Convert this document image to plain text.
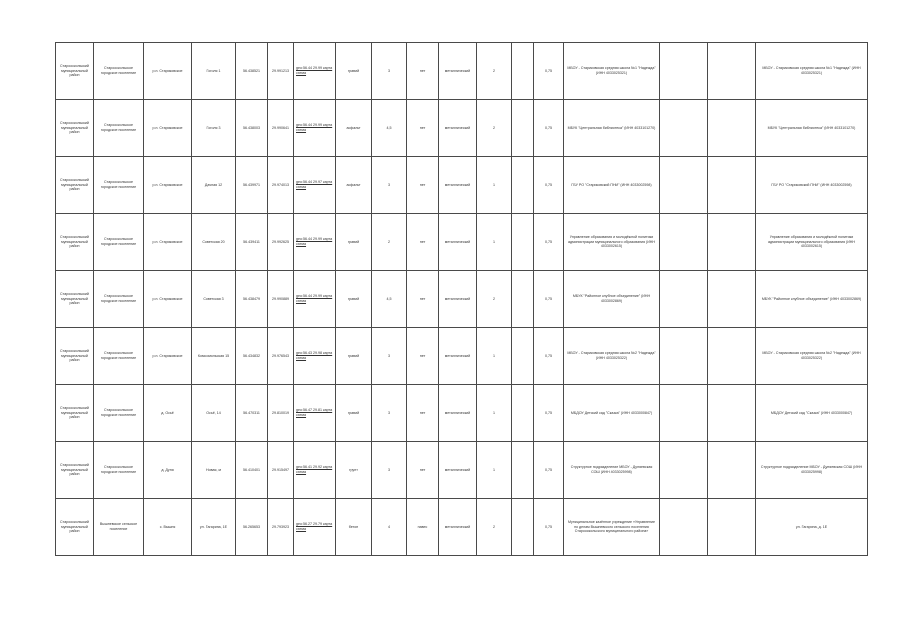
Старооскольский муниципальный район	Старооскольское городское поселение	р.п. Стариковское	Гоголя 1	56.438521	29.991213	geo:56.44 29.99 карта схема	гравий	3	нет	металлический	2		0,75	МБОУ - Стариковская средняя школа №1 "Надежда" (ИНН 4033025321)			МБОУ - Стариковская средняя школа №1 "Надежда" (ИНН 4033025321)
Старооскольский муниципальный район	Старооскольское городское поселение	р.п. Стариковское	Гоголя 3	56.438003	29.990641	geo:56.44 29.99 карта схема	асфальт	4,5	нет	металлический	2		0,75	МБУК "Центральная библиотека" (ИНН 4033101270)			МБУК "Центральная библиотека" (ИНН 4033101270)
Старооскольский муниципальный район	Старооскольское городское поселение	р.п. Стариковское	Дачная 12	56.439971	29.974013	geo:56.44 29.97 карта схема	асфальт	3	нет	металлический	1		0,75	ГБУ РО "Стариковский ПНИ" (ИНН 4033002598)			ГБУ РО "Стариковский ПНИ" (ИНН 4033002598)
Старооскольский муниципальный район	Старооскольское городское поселение	р.п. Стариковское	Советская 20	56.439411	29.992625	geo:56.44 29.99 карта схема	гравий	2	нет	металлический	1		0,75	Управление образования и молодёжной политики администрации муниципального образования (ИНН 4033002615)			Управление образования и молодёжной политики администрации муниципального образования (ИНН 4033002615)
Старооскольский муниципальный район	Старооскольское городское поселение	р.п. Стариковское	Советская 3	56.438479	29.990889	geo:56.44 29.99 карта схема	гравий	4,5	нет	металлический	2		0,75	МБУК "Районное клубное объединение" (ИНН 4033002869)			МБУК "Районное клубное объединение" (ИНН 4033002869)
Старооскольский муниципальный район	Старооскольское городское поселение	р.п. Стариковское	Комсомольская 15	56.434832	29.976543	geo:56.43 29.98 карта схема	гравий	3	нет	металлический	1		0,75	МБОУ - Стариковская средняя школа №2 "Надежда" (ИНН 4033025322)			МБОУ - Стариковская средняя школа №2 "Надежда" (ИНН 4033025322)
Старооскольский муниципальный район	Старооскольское городское поселение	д. Осьё	Осьё, 14	56.470311	29.810019	geo:56.47 29.81 карта схема	гравий	3	нет	металлический	1		0,75	МБДОУ Детский сад "Сказка" (ИНН 4033000847)			МБДОУ Детский сад "Сказка" (ИНН 4033000847)
Старооскольский муниципальный район	Старооскольское городское поселение	д. Дуня	Новая, м	56.410401	29.915497	geo:56.41 29.92 карта схема	грунт	3	нет	металлический	1		0,75	Структурное подразделение МБОУ - Дуняевская СОШ (ИНН 4033025998)			Структурное подразделение МБОУ - Дуняевская СОШ (ИНН 4033025998)
Старооскольский муниципальный район	Вышневское сельское поселение	с. Вышня	ул. Гагарина, 1Е	56.265653	29.793923	geo:56.27 29.79 карта схема	бетон	4	навес	металлический	2		0,75	Муниципальное казённое учреждение «Управление по делам Вышневского сельского поселения Старооскольского муниципального района»			ул. Гагарина, д. 1Е
